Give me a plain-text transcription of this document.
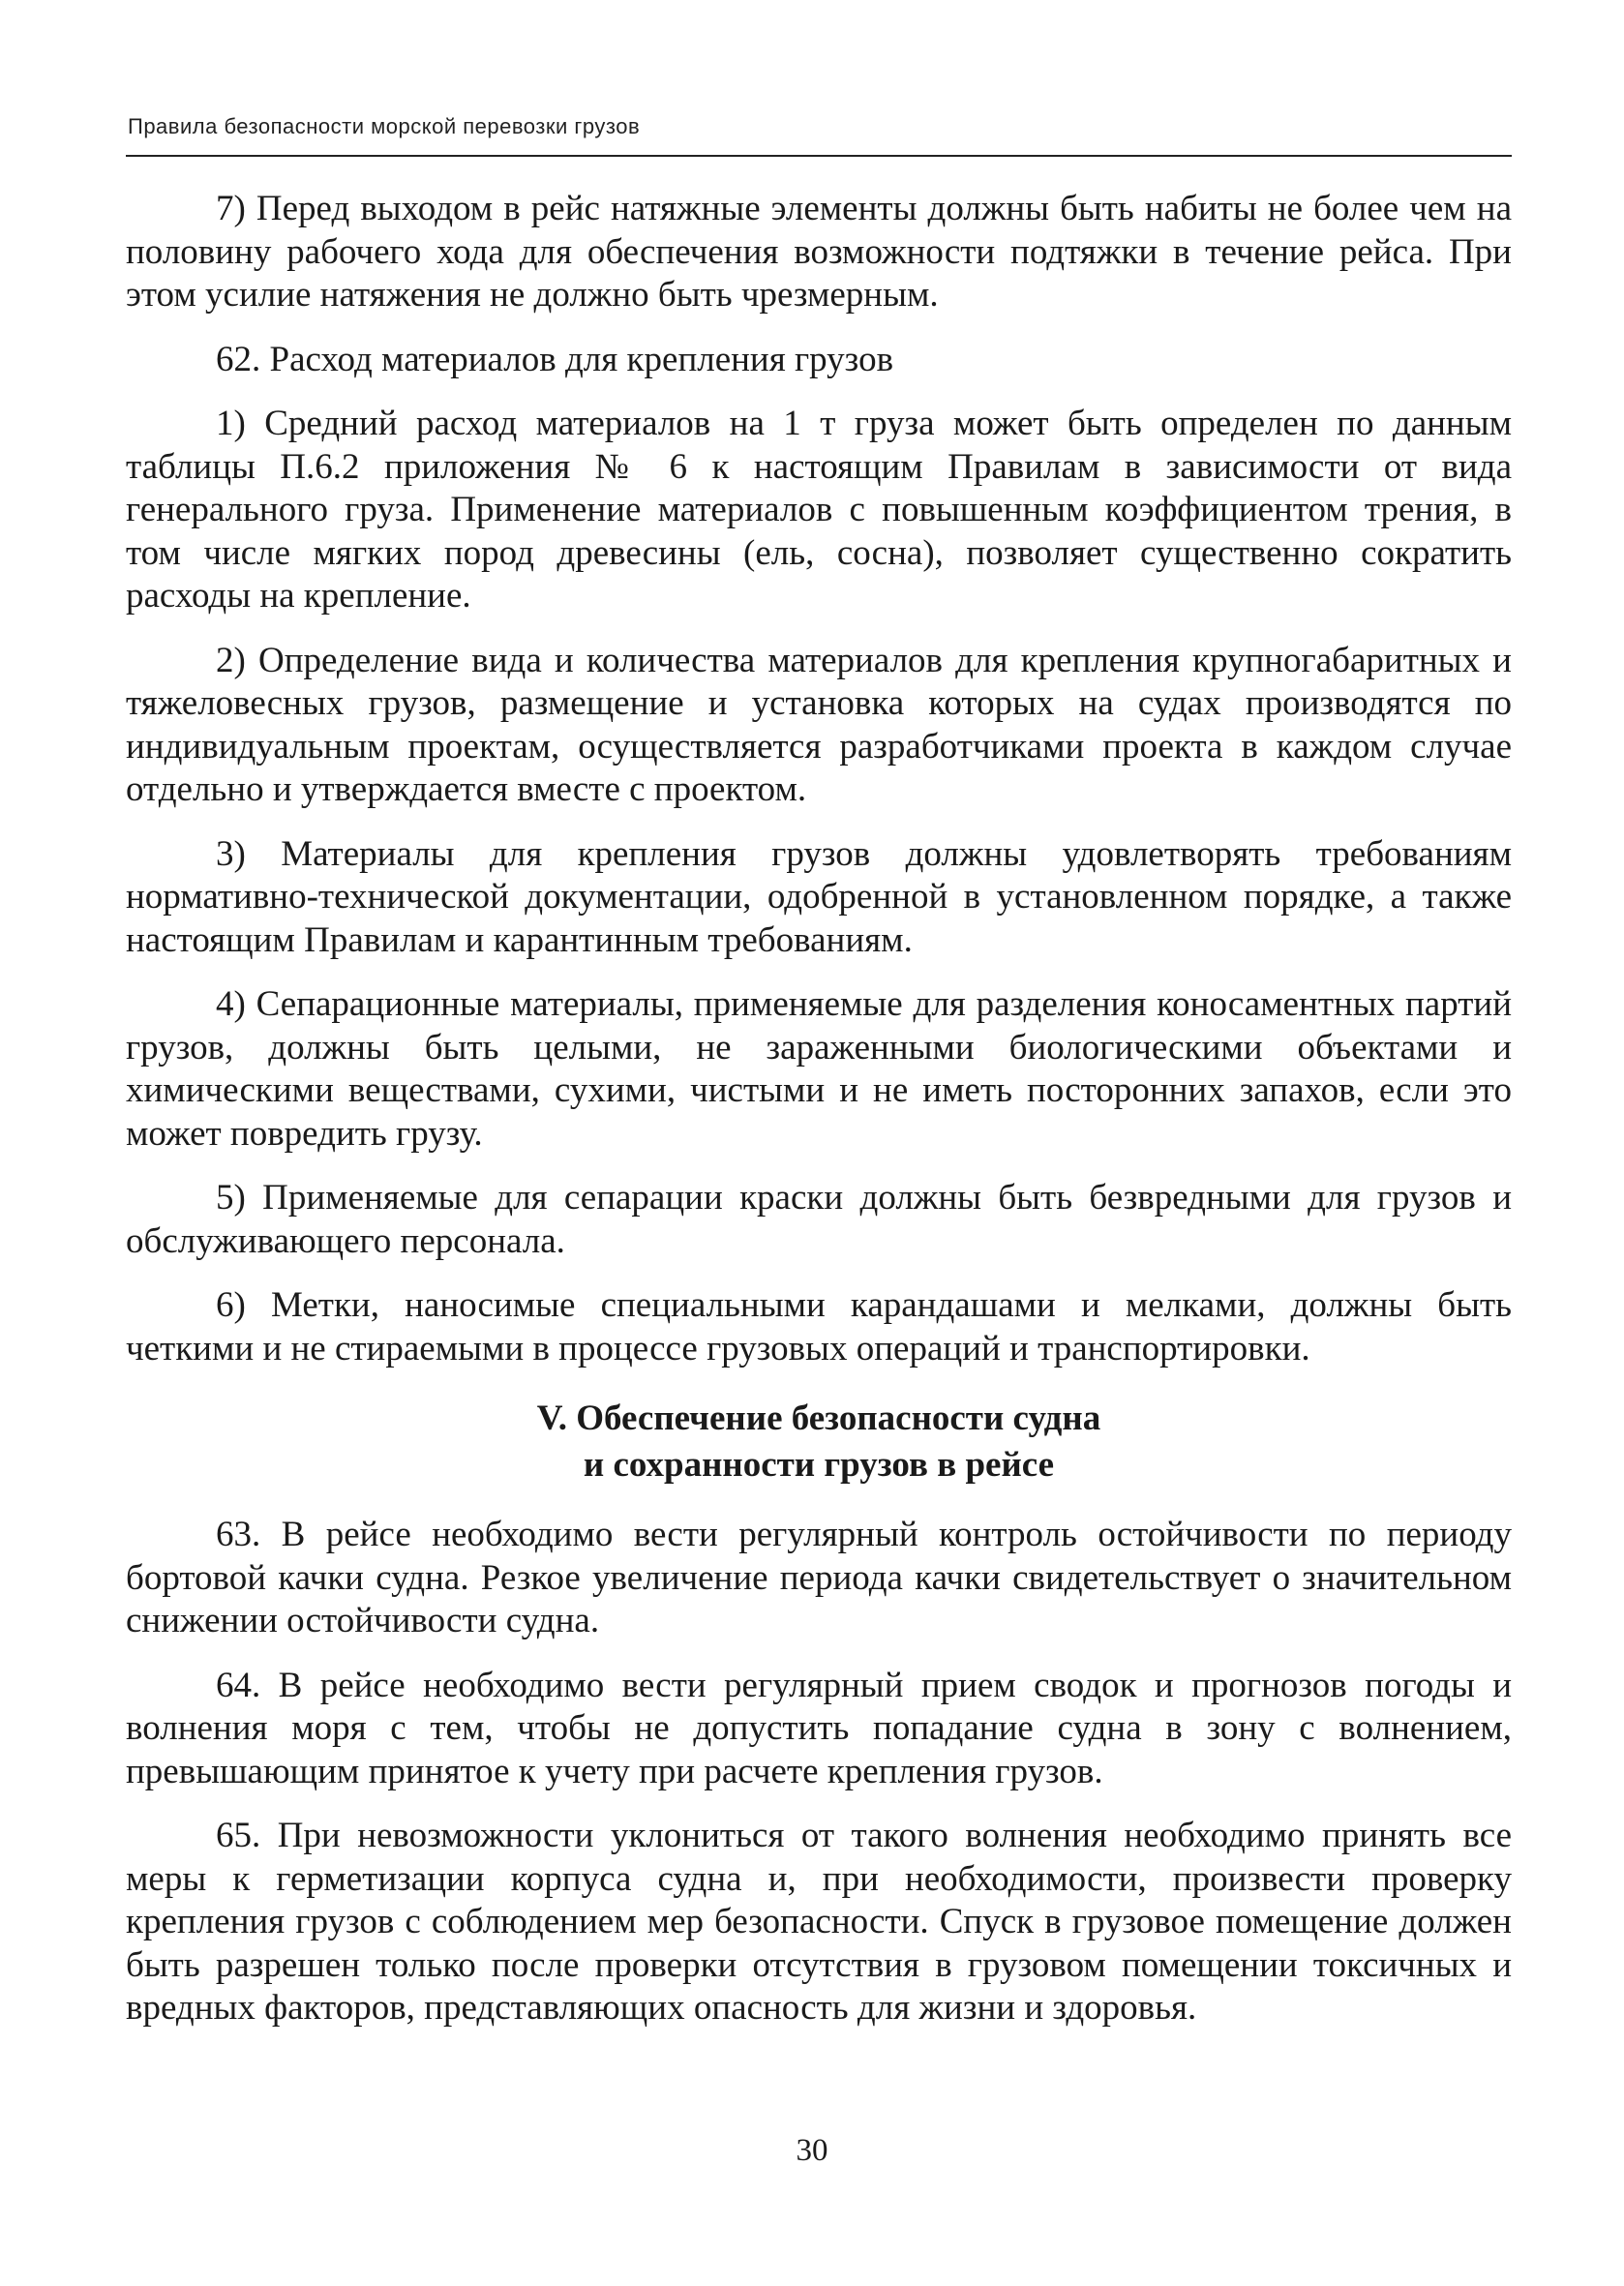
Правила безопасности морской перевозки грузов

7) Перед выходом в рейс натяжные элементы должны быть набиты не более чем на половину рабочего хода для обеспечения возможности подтяжки в течение рейса. При этом усилие натяжения не должно быть чрезмерным.

62. Расход материалов для крепления грузов

1) Средний расход материалов на 1 т груза может быть определен по данным таблицы П.6.2 приложения № 6 к настоящим Правилам в зависимости от вида генерального груза. Применение материалов с повышенным коэффициентом трения, в том числе мягких пород древесины (ель, сосна), позволяет существенно сократить расходы на крепление.

2) Определение вида и количества материалов для крепления крупногабаритных и тяжеловесных грузов, размещение и установка которых на судах производятся по индивидуальным проектам, осуществляется разработчиками проекта в каждом случае отдельно и утверждается вместе с проектом.

3) Материалы для крепления грузов должны удовлетворять требованиям нормативно-технической документации, одобренной в установленном порядке, а также настоящим Правилам и карантинным требованиям.

4) Сепарационные материалы, применяемые для разделения коносаментных партий грузов, должны быть целыми, не зараженными биологическими объектами и химическими веществами, сухими, чистыми и не иметь посторонних запахов, если это может повредить грузу.

5) Применяемые для сепарации краски должны быть безвредными для грузов и обслуживающего персонала.

6) Метки, наносимые специальными карандашами и мелками, должны быть четкими и не стираемыми в процессе грузовых операций и транспортировки.

V. Обеспечение безопасности судна

и сохранности грузов в рейсе

63. В рейсе необходимо вести регулярный контроль остойчивости по периоду бортовой качки судна. Резкое увеличение периода качки свидетельствует о значительном снижении остойчивости судна.

64. В рейсе необходимо вести регулярный прием сводок и прогнозов погоды и волнения моря с тем, чтобы не допустить попадание судна в зону с волнением, превышающим принятое к учету при расчете крепления грузов.

65. При невозможности уклониться от такого волнения необходимо принять все меры к герметизации корпуса судна и, при необходимости, произвести проверку крепления грузов с соблюдением мер безопасности. Спуск в грузовое помещение должен быть разрешен только после проверки отсутствия в грузовом помещении токсичных и вредных факторов, представляющих опасность для жизни и здоровья.

30
